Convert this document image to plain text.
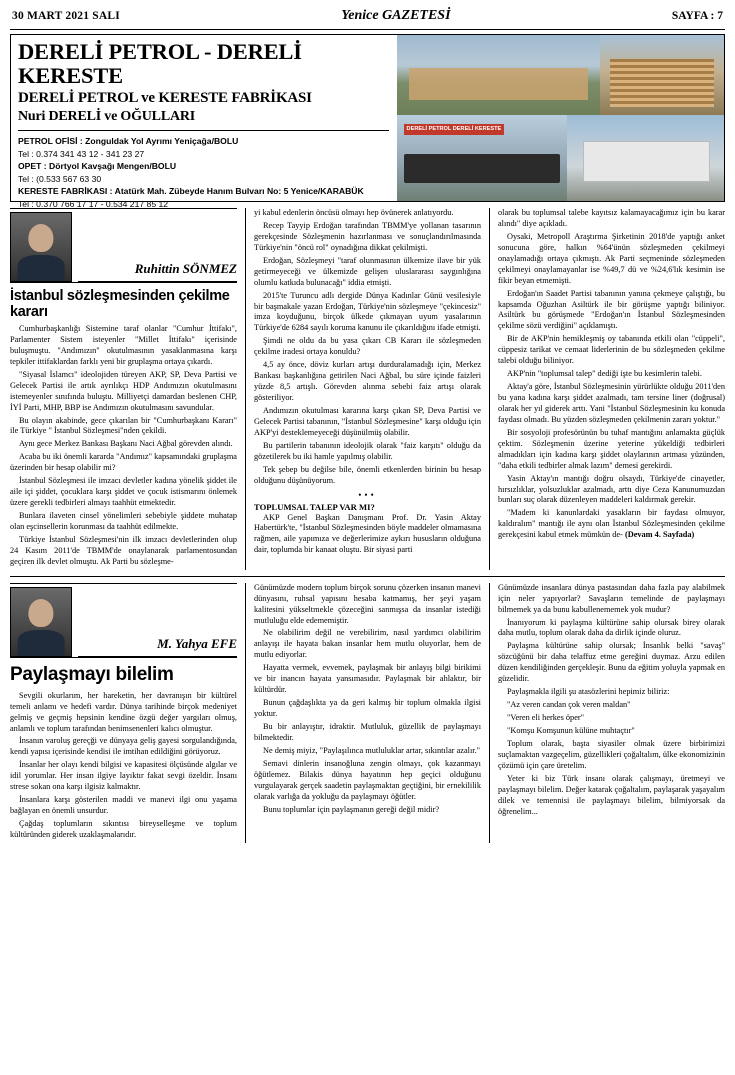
30 MART 2021 SALI	Yenice GAZETESİ	SAYFA : 7
DERELİ PETROL - DERELİ KERESTE
DERELİ PETROL ve KERESTE FABRİKASI
Nuri DERELİ ve OĞULLARI
PETROL OFİSİ : Zonguldak Yol Ayrımı Yeniçağa/BOLU
Tel : 0.374 341 43 12 - 341 23 27
OPET : Dörtyol Kavşağı Mengen/BOLU
Tel : (0.533 567 63 30
KERESTE FABRİKASI : Atatürk Mah. Zübeyde Hanım Bulvarı No: 5 Yenice/KARABÜK
Tel : 0.370 766 17 17 - 0.534 217 85 12
DERELİ PETROL DERELİ KERESTE
Ruhittin SÖNMEZ
İstanbul sözleşmesinden çekilme kararı

Cumhurbaşkanlığı Sistemine taraf olanlar "Cumhur İttifakı", Parlamenter Sistem isteyenler "Millet İttifakı" içerisinde buluşmuştu. "Andımızın" okutulmasının yasaklanmasına karşı tepkiler ittifaklardan farklı yeni bir gruplaşma ortaya çıkardı.

"Siyasal İslamcı" ideolojiden türeyen AKP, SP, Deva Partisi ve Gelecek Partisi ile artık ayrılıkçı HDP Andımızın okutulmasını istemeyenler sınıfında buluştu. Milliyetçi damardan beslenen CHP, İYİ Parti, MHP, BBP ise Andımızın okutulmasını savundular.

Bu olayın akabinde, gece çıkarılan bir "Cumhurbaşkanı Kararı" ile Türkiye " İstanbul Sözleşmesi"nden çekildi.

Aynı gece Merkez Bankası Başkanı Naci Ağbal görevden alındı.

Acaba bu iki önemli kararda "Andımız" kapsamındaki gruplaşma üzerinden bir hesap olabilir mi?

İstanbul Sözleşmesi ile imzacı devletler kadına yönelik şiddet ile aile içi şiddet, çocuklara karşı şiddet ve çocuk istismarını önlemek üzere gerekli tedbirleri almayı taahhüt etmektedir.

Bunlara ilaveten cinsel yönelimleri sebebiyle şiddete muhatap olan eşcinsellerin korunması da taahhüt edilmekte.

Türkiye İstanbul Sözleşmesi'nin ilk imzacı devletlerinden olup 24 Kasım 2011'de TBMM'de onaylanarak parlamentosundan geçiren ilk devlet olmuştu. Ak Parti bu sözleşme-

yi kabul edenlerin öncüsü olmayı hep övünerek anlatıyordu.

Recep Tayyip Erdoğan tarafından TBMM'ye yollanan tasarının gerekçesinde Sözleşmenin hazırlanması ve sonuçlandırılmasında Türkiye'nin "öncü rol" oynadığına dikkat çekilmişti.

Erdoğan, Sözleşmeyi "taraf olunmasının ülkemize ilave bir yük getirmeyeceği ve ülkemizde gelişen uluslararası saygınlığına olumlu katkıda bulunacağı" iddia etmişti.

2015'te Turuncu adlı dergide Dünya Kadınlar Günü vesilesiyle bir başmakale yazan Erdoğan, Türkiye'nin sözleşmeye "çekincesiz" imza koyduğunu, birçok ülkede çıkmayan uyum yasalarının Türkiye'de 6284 sayılı koruma kanunu ile çıkarıldığını ifade etmişti.

Şimdi ne oldu da bu yasa çıkarı CB Kararı ile sözleşmeden çekilme iradesi ortaya konuldu?

4,5 ay önce, döviz kurları artışı durduralamadığı için, Merkez Bankası başkanlığına getirilen Naci Ağbal, bu süre içinde faizleri yüzde 8,5 artışlı. Görevden alınma sebebi faiz artışı olarak gösteriliyor.

Andımızın okutulması kararına karşı çıkan SP, Deva Partisi ve Gelecek Partisi tabanının, "İstanbul Sözleşmesine" karşı olduğu için AKP'yi desteklemeyeceği düşünülmüş olabilir.

Bu partilerin tabanının ideolojik olarak "faiz karşıtı" olduğu da gözetilerek bu iki hamle yapılmış olabilir.

Tek şebep bu değilse bile, önemli etkenlerden birinin bu hesap olduğunu düşünüyorum.

•••
TOPLUMSAL TALEP VAR MI?

AKP Genel Başkan Danışmanı Prof. Dr. Yasin Aktay Habertürk'te, "İstanbul Sözleşmesinden böyle maddeler olmamasına rağmen, aile yapımıza ve değerlerimize aykırı hususların olduğuna dair, toplumda bir kanaat oluştu. Bir siyasi parti

olarak bu toplumsal talebe kayıtsız kalamayacağımız için bu karar alındı" diye açıkladı.

Oysaki, Metropoll Araştırma Şirketinin 2018'de yaptığı anket sonucuna göre, halkın %64'ünün sözleşmeden çekilmeyi onaylamadığı ortaya çıkmıştı. Ak Parti seçmeninde sözleşmeden çekilmeyi onaylamayanlar ise %49,7 dü ve %24,6'lık kesimin ise fikir beyan etmemişti.

Erdoğan'ın Saadet Partisi tabanının yanına çekmeye çalıştığı, bu kapsamda Oğuzhan Asiltürk ile bir görüşme yaptığı biliniyor. Asiltürk bu görüşmede "Erdoğan'ın İstanbul Sözleşmesinden çekilme sözü verdiğini" açıklamıştı.

Bir de AKP'nin hemikleşmiş oy tabanında etkili olan "cüppeli", cüppesiz tarikat ve cemaat liderlerinin de bu sözleşmeden çekilme talebi olduğu biliniyor.

AKP'nin "toplumsal talep" dediği işte bu kesimlerin talebi.

Aktay'a göre, İstanbul Sözleşmesinin yürürlükte olduğu 2011'den bu yana kadına karşı şiddet azalmadı, tam tersine liner (doğrusal) olarak her yıl giderek arttı. Yani "İstanbul Sözleşmesinin ku konuda faydası olmadı. Bu yüzden sözleşmeden çekilmenin zararı yoktur."

Bir sosyoloji profesörünün bu tuhaf mantığını anlamakta güçlük çektim. Sözleşmenin üzerine yeterine yükeldiği tedbirleri almadıkları için kadına karşı şiddet olaylarının artması yüzünden, "daha etkili tedbirler almak lazım" demesi gerekirdi.

Yasin Aktay'ın mantığı doğru olsaydı, Türkiye'de cinayetler, hırsızlıklar, yolsuzluklar azalmadı, arttı diye Ceza Kanunumuzdan bunları suç olarak düzenleyen maddeleri kaldırmak gerekir.

"Madem ki kanunlardaki yasakların bir faydası olmuyor, kaldıralım" mantığı ile aynı olan İstanbul Sözleşmesinden çekilme gerekçesini kabul etmek mümkün de- (Devam 4. Sayfada)

M. Yahya EFE
Paylaşmayı bilelim

Sevgili okurlarım, her hareketin, her davranışın bir kültürel temeli anlamı ve hedefi vardır. Dünya tarihinde birçok medeniyet gelmiş ve geçmiş hepsinin kendine özgü değer yargıları olmuş, anlamlı ve toplum tarafından benimsenenleri kalıcı olmuştur.

İnsanın varoluş gereçği ve dünyaya geliş gayesi sorgulandığında, kendi yapısı içerisinde kendisi ile imtihan edildiğini görüyoruz.

İnsanlar her olayı kendi bilgisi ve kapasitesi ölçüsünde algılar ve idil yorumlar. Her insan ilgiye layıktır fakat sevgi özeldir. İnsanı strese sokan ona karşı ilgisiz kalmaktır.

İnsanlara karşı gösterilen maddi ve manevi ilgi onu yaşama bağlayan en önemli unsurdur.

Çağdaş toplumların sıkıntısı bireyselleşme ve toplum kültüründen giderek uzaklaşmalarıdır.

Günümüzde modern toplum birçok sorunu çözerken insanın manevi dünyasını, ruhsal yapısını hesaba katmamış, her şeyi yaşam kalitesini yükseltmekle çözeceğini sanmışsa da insanlar istediği mutluluğu elde edememiştir.

Ne olabilirim değil ne verebilirim, nasıl yardımcı olabilirim anlayışı ile hayata bakan insanlar hem mutlu oluyorlar, hem de mutlu ediyorlar.

Hayatta vermek, evvemek, paylaşmak bir anlayış bilgi birikimi ve bir inancın hayata yansımasıdır. Paylaşmak bir ahlaktır, bir kültürdür.

Bunun çağdaşlıkta ya da geri kalmış bir toplum olmakla ilgisi yoktur.

Bu bir anlayıştır, idraktir. Mutluluk, güzellik de paylaşmayı bilmektedir.

Ne demiş miyiz, "Paylaşılınca mutluluklar artar, sıkıntılar azalır."

Semavi dinlerin insanoğluna zengin olmayı, çok kazanmayı öğütlemez. Bilakis dünya hayatının hep geçici olduğunu vurgulayarak gerçek saadetin paylaşmaktan geçtiğini, bir ernekililik olarak varlığa da yokluğu da paylaşmayı öğütler.

Bunu toplumlar için paylaşmanın gereği değil midir?

Günümüzde insanlara dünya pastasından daha fazla pay alabilmek için neler yapıyorlar? Savaşların temelinde de paylaşmayı bilmemek ya da bunu kabullenememek yok mudur?

İnanıyorum ki paylaşma kültürüne sahip olursak birey olarak daha mutlu, toplum olarak daha da dirlik içinde oluruz.

Paylaşma kültürüne sahip olursak; İnsanlık belki "savaş" sözcüğünü bir daha telaffuz etme gereğini duymaz. Arzu edilen düzen kendiliğinden gerçekleşir. Bunu da eğitim yoluyla yapmak en güzelidir.

Paylaşmakla ilgili şu atasözlerini hepimiz biliriz:

"Az veren candan çok veren maldan"

"Veren eli herkes öper"

"Komşu Komşunun külüne muhtaçtır"

Toplum olarak, başta siyasiler olmak üzere birbirimizi suçlamaktan vazgeçelim, güzellikleri çoğaltalım, ülke ekonomizinin çözümü için çare üretelim.

Yeter ki biz Türk insanı olarak çalışmayı, üretmeyi ve paylaşmayı bilelim. Değer katarak çoğaltalım, paylaşarak yaşayalım dilek ve temennisi ile paylaşmayı bilelim, bilmiyorsak da öğrenelim...
